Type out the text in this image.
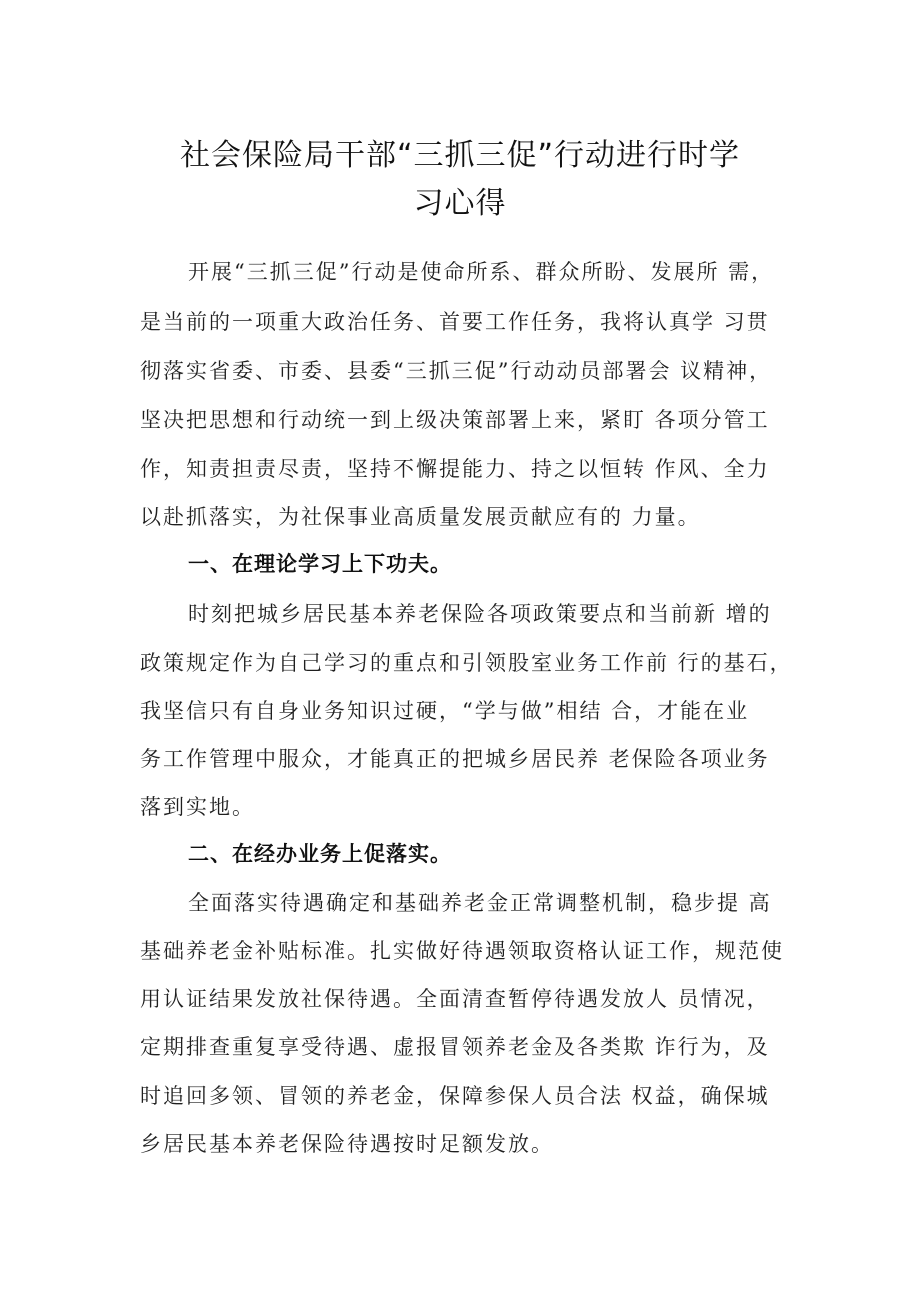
社会保险局干部“三抓三促”行动进行时学
习心得
开展“三抓三促”行动是使命所系、群众所盼、发展所 需，
是当前的一项重大政治任务、首要工作任务，我将认真学 习贯
彻落实省委、市委、县委“三抓三促”行动动员部署会 议精神，
坚决把思想和行动统一到上级决策部署上来，紧盯 各项分管工
作，知责担责尽责，坚持不懈提能力、持之以恒转 作风、全力
以赴抓落实，为社保事业高质量发展贡献应有的 力量。
一、在理论学习上下功夫。
时刻把城乡居民基本养老保险各项政策要点和当前新 增的
政策规定作为自己学习的重点和引领股室业务工作前 行的基石，
我坚信只有自身业务知识过硬，“学与做”相结 合，才能在业
务工作管理中服众，才能真正的把城乡居民养 老保险各项业务
落到实地。
二、在经办业务上促落实。
全面落实待遇确定和基础养老金正常调整机制，稳步提 高
基础养老金补贴标准。扎实做好待遇领取资格认证工作，规范使
用认证结果发放社保待遇。全面清查暂停待遇发放人 员情况，
定期排查重复享受待遇、虚报冒领养老金及各类欺 诈行为，及
时追回多领、冒领的养老金，保障参保人员合法 权益，确保城
乡居民基本养老保险待遇按时足额发放。
